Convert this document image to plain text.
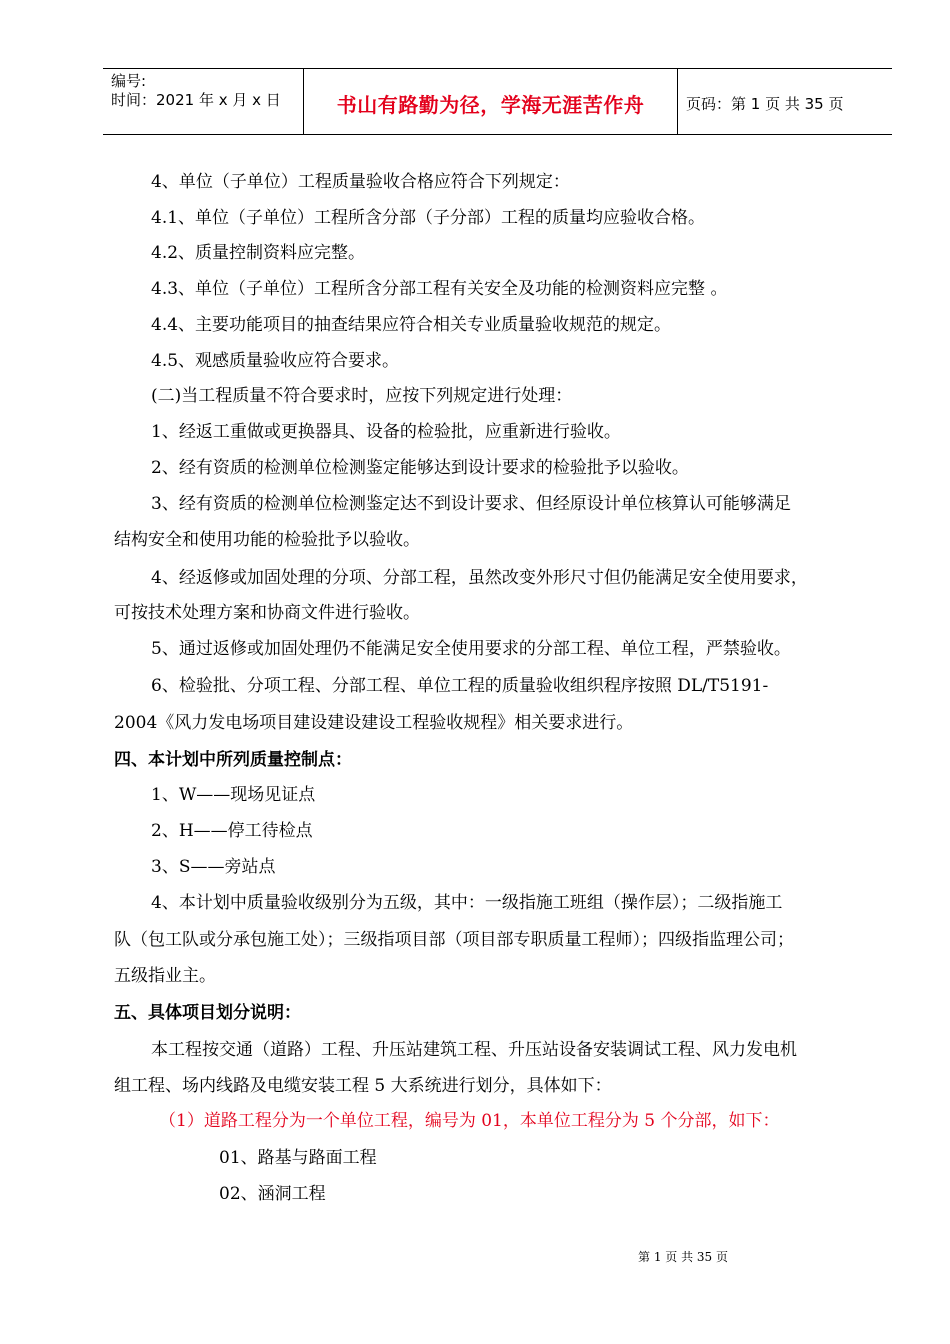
编号:
时间：2021 年 x 月 x 日	书山有路勤为径，学海无涯苦作舟	页码：第 1 页 共 35 页
4、单位（子单位）工程质量验收合格应符合下列规定：
4.1、单位（子单位）工程所含分部（子分部）工程的质量均应验收合格。
4.2、质量控制资料应完整。
4.3、单位（子单位）工程所含分部工程有关安全及功能的检测资料应完整 。
4.4、主要功能项目的抽查结果应符合相关专业质量验收规范的规定。
4.5、观感质量验收应符合要求。
(二)当工程质量不符合要求时，应按下列规定进行处理：
1、经返工重做或更换器具、设备的检验批，应重新进行验收。
2、经有资质的检测单位检测鉴定能够达到设计要求的检验批予以验收。
3、经有资质的检测单位检测鉴定达不到设计要求、但经原设计单位核算认可能够满足
结构安全和使用功能的检验批予以验收。
4、经返修或加固处理的分项、分部工程，虽然改变外形尺寸但仍能满足安全使用要求，
可按技术处理方案和协商文件进行验收。
5、通过返修或加固处理仍不能满足安全使用要求的分部工程、单位工程，严禁验收。
6、检验批、分项工程、分部工程、单位工程的质量验收组织程序按照 DL/T5191-
2004《风力发电场项目建设建设建设工程验收规程》相关要求进行。
四、本计划中所列质量控制点：
1、W——现场见证点
2、H——停工待检点
3、S——旁站点
4、本计划中质量验收级别分为五级，其中：一级指施工班组（操作层）；二级指施工
队（包工队或分承包施工处）；三级指项目部（项目部专职质量工程师）；四级指监理公司；
五级指业主。
五、具体项目划分说明：
本工程按交通（道路）工程、升压站建筑工程、升压站设备安装调试工程、风力发电机
组工程、场内线路及电缆安装工程 5 大系统进行划分，具体如下：
（1）道路工程分为一个单位工程，编号为 01，本单位工程分为 5 个分部，如下：
01、路基与路面工程
02、涵洞工程
第 1 页 共 35 页
